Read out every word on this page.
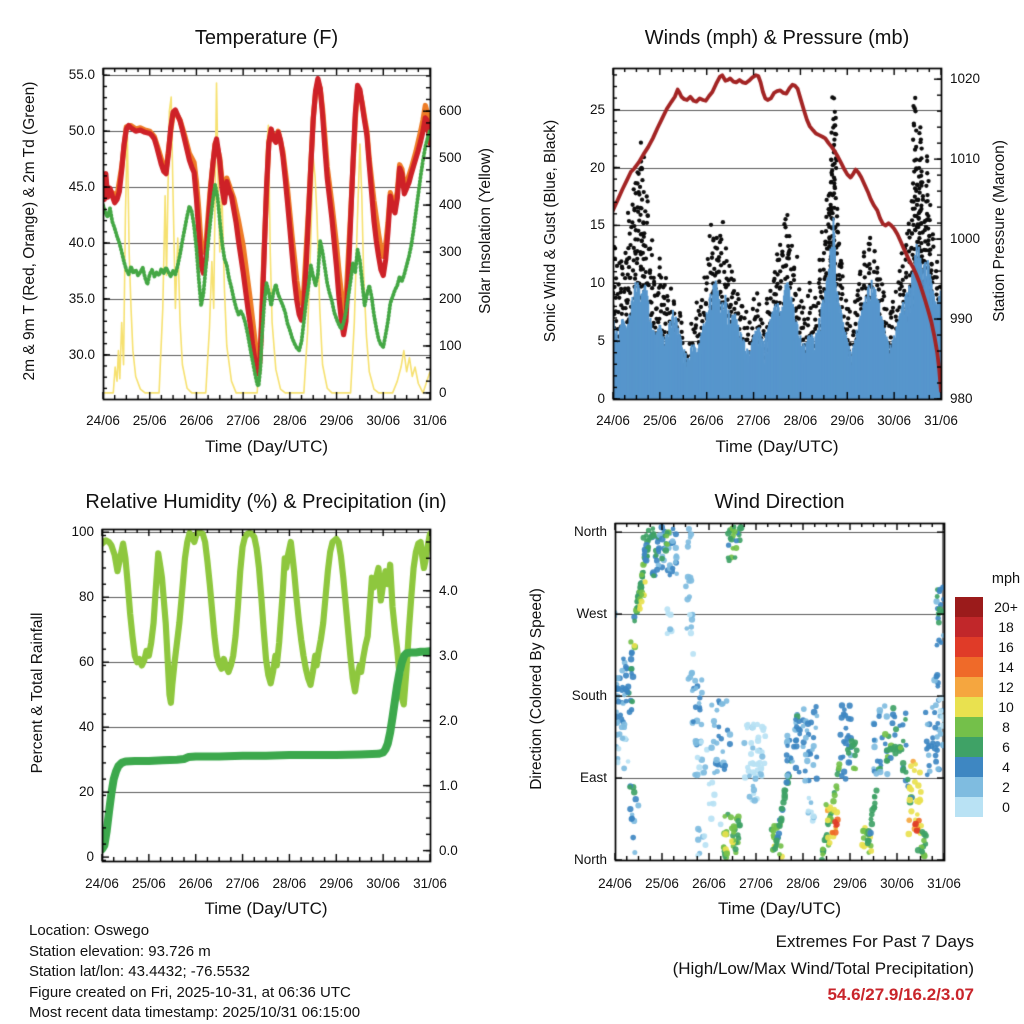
Temperature (F)
2m & 9m T (Red, Orange) & 2m Td (Green)	Solar Insolation (Yellow)
Time (Day/UTC)
Winds (mph) & Pressure (mb)
Sonic Wind & Gust (Blue, Black)	Station Pressure (Maroon)
Time (Day/UTC)
Relative Humidity (%) & Precipitation (in)
Percent & Total Rainfall
Time (Day/UTC)
Wind Direction
Direction (Colored By Speed)
Time (Day/UTC)
mph
20+
18
16
14
12
10
8
6
4
2
0
24/06 25/06 26/06 27/06 28/06 29/06 30/06 31/06
30.0
35.0
40.0
45.0
50.0
55.0
0
100
200
300
400
500
600
24/06 25/06 26/06 27/06 28/06 29/06 30/06 31/06
0
5
10
15
20
25
980
990
1000
1010
1020
24/06 25/06 26/06 27/06 28/06 29/06 30/06 31/06
0
20
40
60
80
100
0.0
1.0
2.0
3.0
4.0
24/06 25/06 26/06 27/06 28/06 29/06 30/06 31/06
North
East
South
West
North
Location: Oswego
Station elevation: 93.726 m
Station lat/lon: 43.4432; -76.5532
Figure created on Fri, 2025-10-31, at 06:36 UTC
Most recent data timestamp: 2025/10/31 06:15:00
Extremes For Past 7 Days
(High/Low/Max Wind/Total Precipitation)
54.6/27.9/16.2/3.07
